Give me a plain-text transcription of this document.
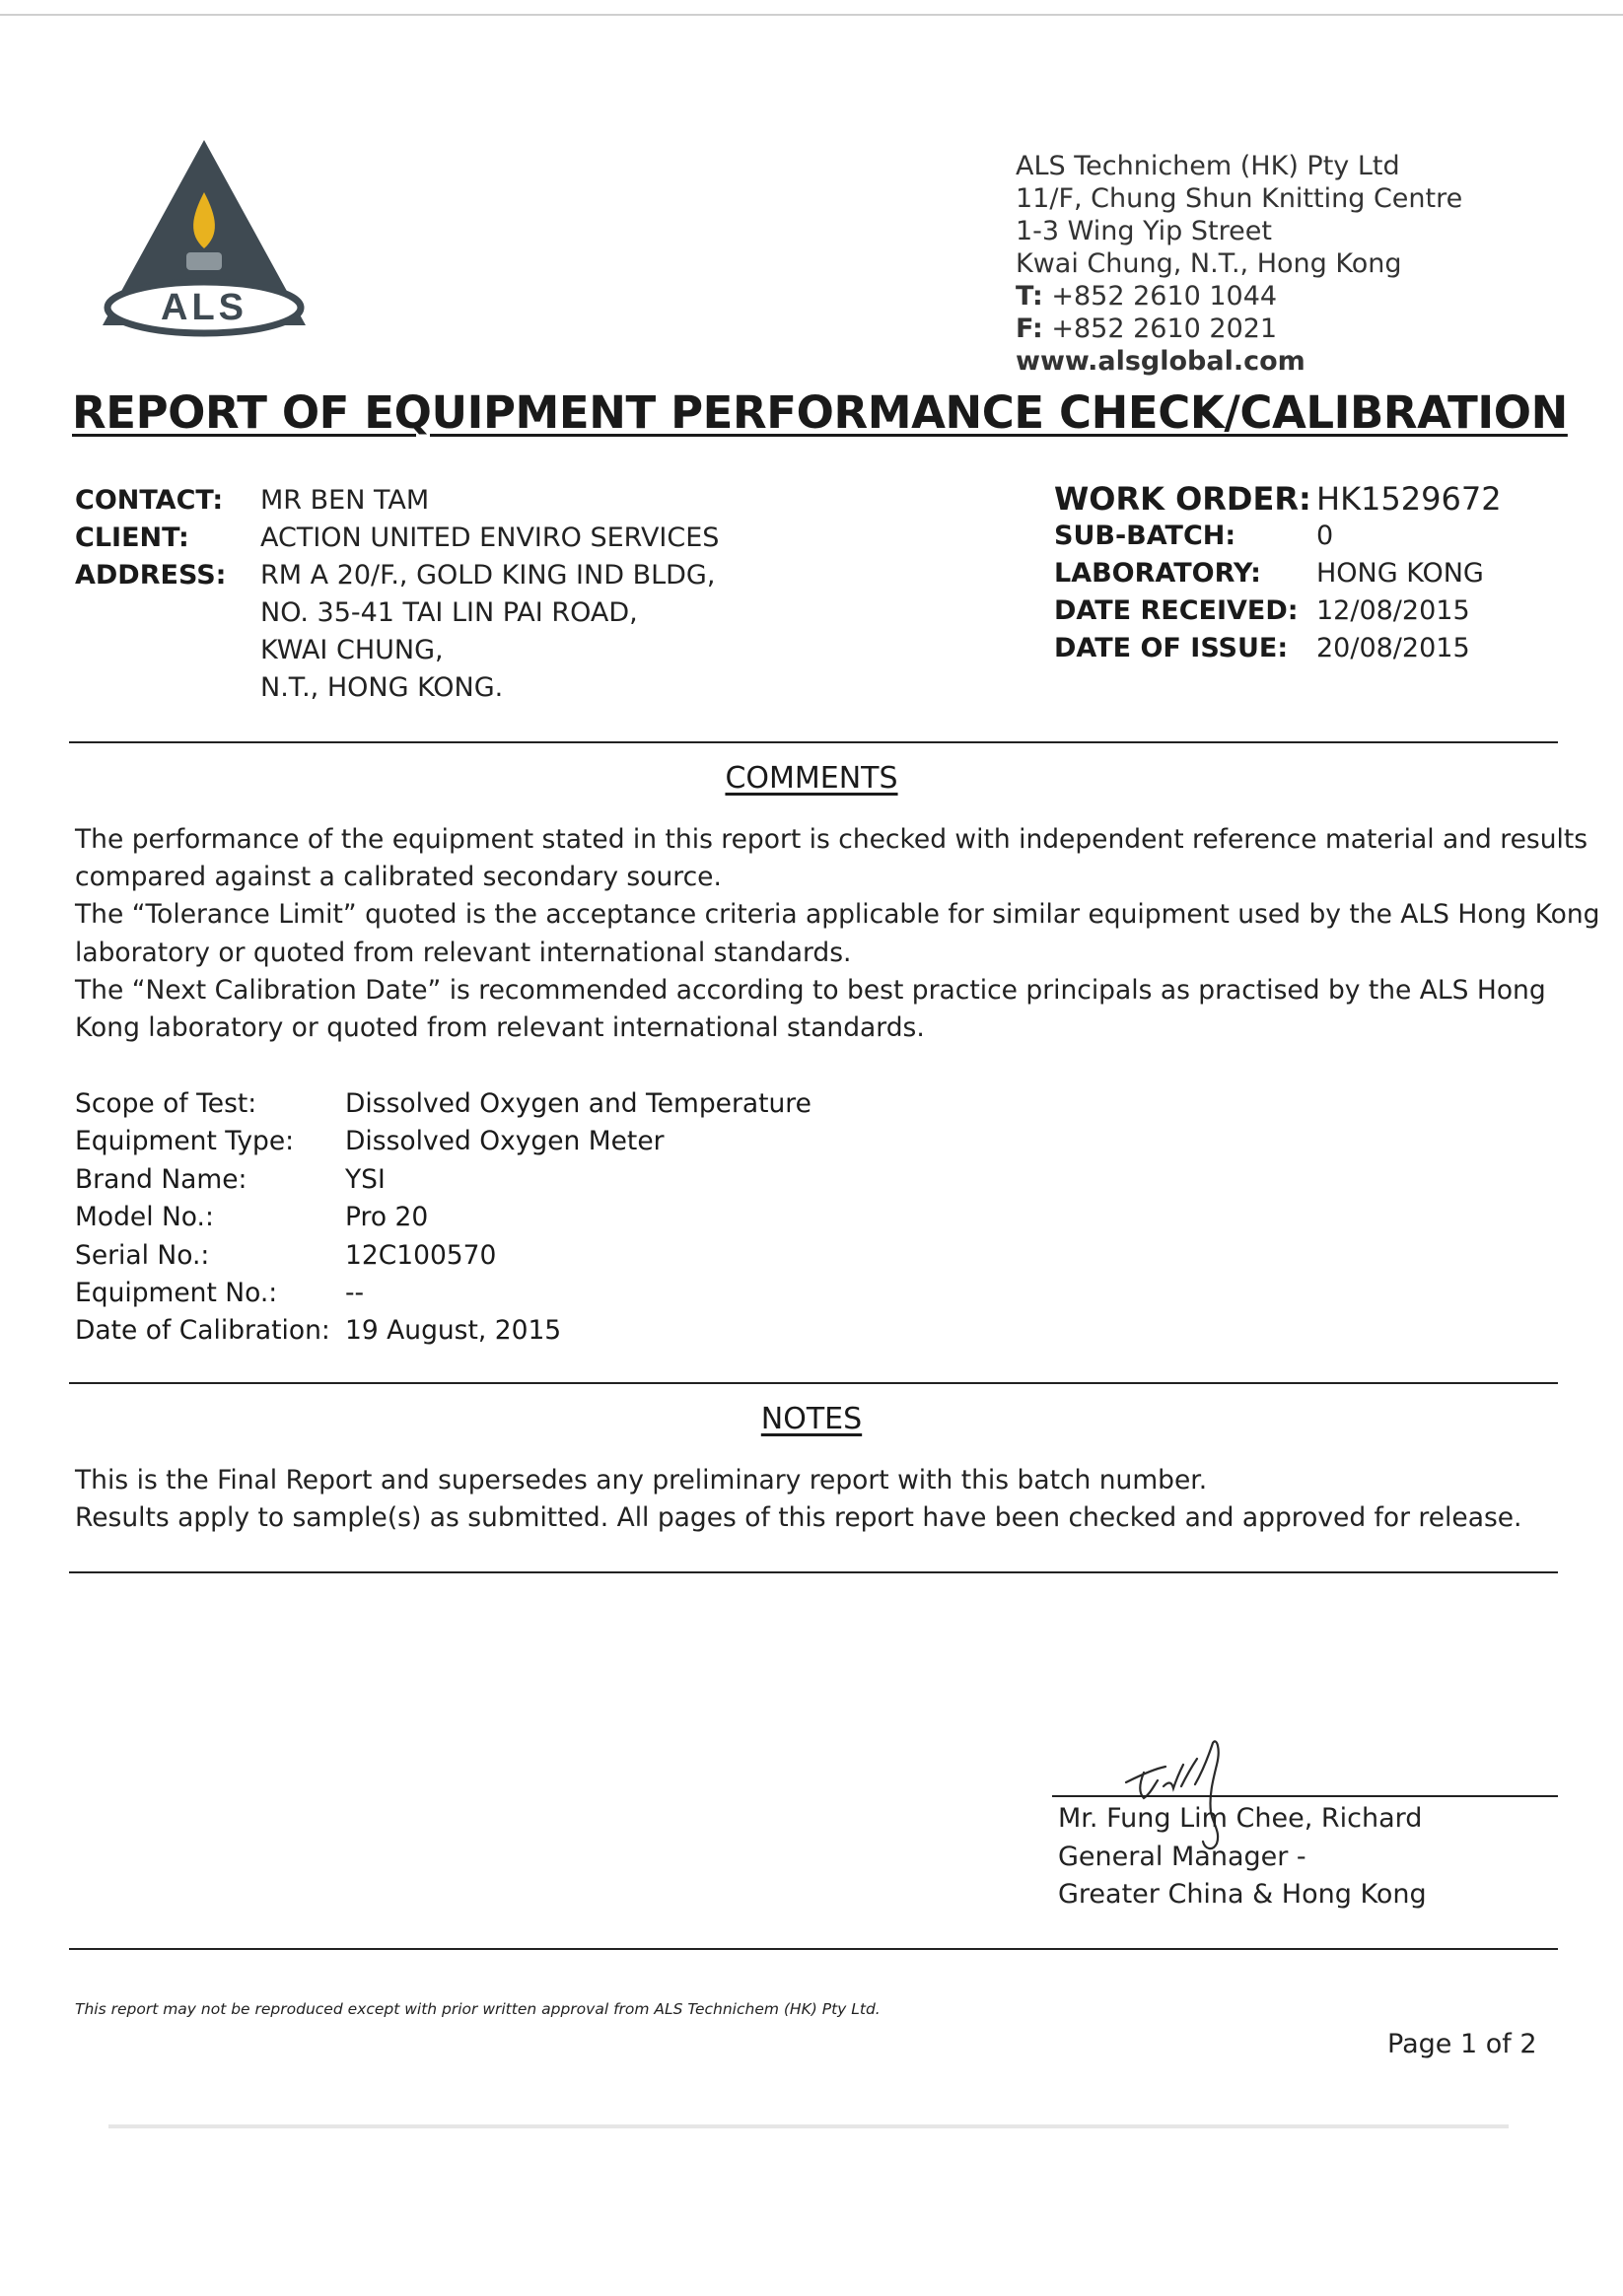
ALS
ALS Technichem (HK) Pty Ltd
11/F, Chung Shun Knitting Centre
1-3 Wing Yip Street
Kwai Chung, N.T., Hong Kong
T: +852 2610 1044
F: +852 2610 2021
www.alsglobal.com
REPORT OF EQUIPMENT PERFORMANCE CHECK/CALIBRATION
CONTACT:
CLIENT:
ADDRESS:
MR BEN TAM
ACTION UNITED ENVIRO SERVICES
RM A 20/F., GOLD KING IND BLDG,
NO. 35-41 TAI LIN PAI ROAD,
KWAI CHUNG,
N.T., HONG KONG.
WORK ORDER:
SUB-BATCH:
LABORATORY:
DATE RECEIVED:
DATE OF ISSUE:
HK1529672
0
HONG KONG
12/08/2015
20/08/2015
COMMENTS

The performance of the equipment stated in this report is checked with independent reference material and results

compared against a calibrated secondary source.

The “Tolerance Limit” quoted is the acceptance criteria applicable for similar equipment used by the ALS Hong Kong

laboratory or quoted from relevant international standards.

The “Next Calibration Date” is recommended according to best practice principals as practised by the ALS Hong

Kong laboratory or quoted from relevant international standards.

Scope of Test:
Equipment Type:
Brand Name:
Model No.:
Serial No.:
Equipment No.:
Date of Calibration:
Dissolved Oxygen and Temperature
Dissolved Oxygen Meter
YSI
Pro 20
12C100570
--
19 August, 2015
NOTES

This is the Final Report and supersedes any preliminary report with this batch number.

Results apply to sample(s) as submitted. All pages of this report have been checked and approved for release.

Mr. Fung Lim Chee, Richard
General Manager -
Greater China & Hong Kong
This report may not be reproduced except with prior written approval from ALS Technichem (HK) Pty Ltd.
Page 1 of 2
